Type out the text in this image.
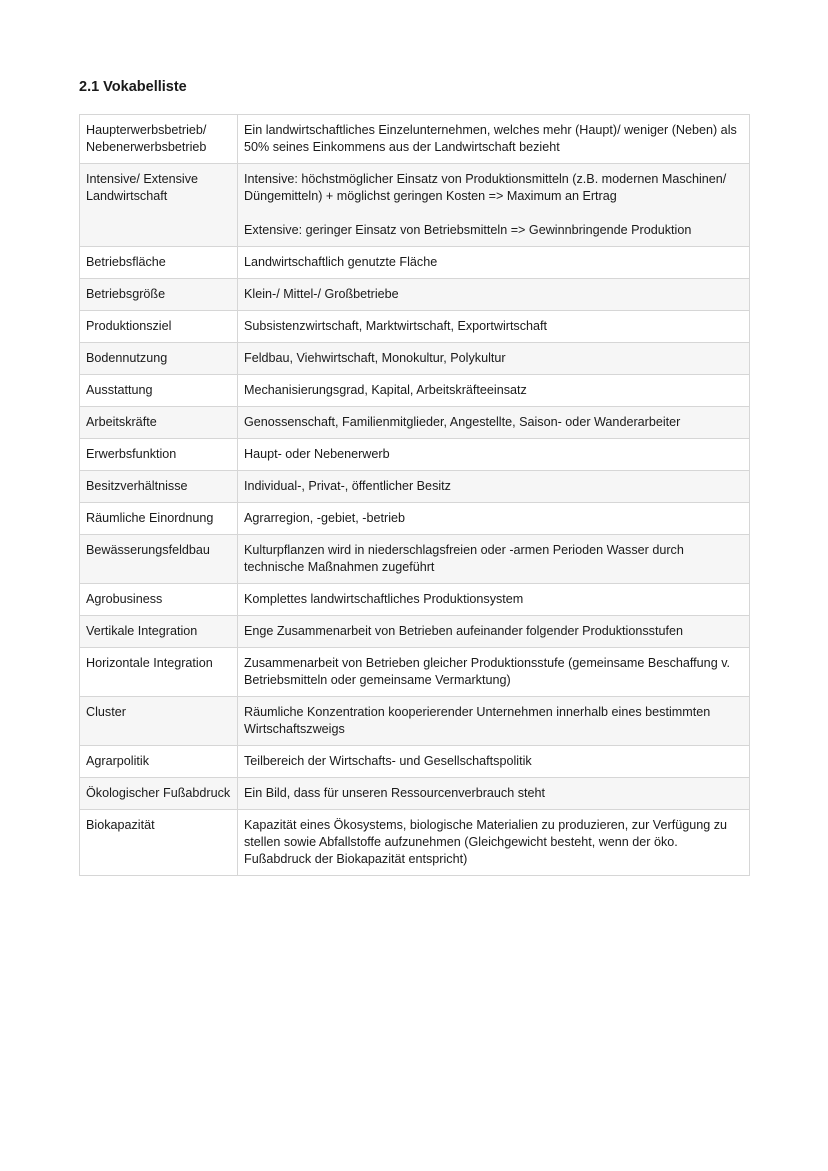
2.1 Vokabelliste
Haupterwerbsbetrieb/ Nebenerwerbsbetrieb	Ein landwirtschaftliches Einzelunternehmen, welches mehr (Haupt)/ weniger (Neben) als 50% seines Einkommens aus der Landwirtschaft bezieht

Intensive/ Extensive Landwirtschaft	Intensive: höchstmöglicher Einsatz von Produktionsmitteln (z.B. modernen Maschinen/ Düngemitteln) + möglichst geringen Kosten => Maximum an Ertrag
Extensive: geringer Einsatz von Betriebsmitteln => Gewinnbringende Produktion

Betriebsfläche	Landwirtschaftlich genutzte Fläche

Betriebsgröße	Klein-/ Mittel-/ Großbetriebe

Produktionsziel	Subsistenzwirtschaft, Marktwirtschaft, Exportwirtschaft

Bodennutzung	Feldbau, Viehwirtschaft, Monokultur, Polykultur

Ausstattung	Mechanisierungsgrad, Kapital, Arbeitskräfteeinsatz

Arbeitskräfte	Genossenschaft, Familienmitglieder, Angestellte, Saison- oder Wanderarbeiter

Erwerbsfunktion	Haupt- oder Nebenerwerb

Besitzverhältnisse	Individual-, Privat-, öffentlicher Besitz

Räumliche Einordnung	Agrarregion, -gebiet, -betrieb

Bewässerungsfeldbau	Kulturpflanzen wird in niederschlagsfreien oder -armen Perioden Wasser durch technische Maßnahmen zugeführt

Agrobusiness	Komplettes landwirtschaftliches Produktionsystem

Vertikale Integration	Enge Zusammenarbeit von Betrieben aufeinander folgender Produktionsstufen

Horizontale Integration	Zusammenarbeit von Betrieben gleicher Produktionsstufe (gemeinsame Beschaffung v. Betriebsmitteln oder gemeinsame Vermarktung)

Cluster	Räumliche Konzentration kooperierender Unternehmen innerhalb eines bestimmten Wirtschaftszweigs

Agrarpolitik	Teilbereich der Wirtschafts- und Gesellschaftspolitik

Ökologischer Fußabdruck	Ein Bild, dass für unseren Ressourcenverbrauch steht

Biokapazität	Kapazität eines Ökosystems, biologische Materialien zu produzieren, zur Verfügung zu stellen sowie Abfallstoffe aufzunehmen (Gleichgewicht besteht, wenn der öko. Fußabdruck der Biokapazität entspricht)
